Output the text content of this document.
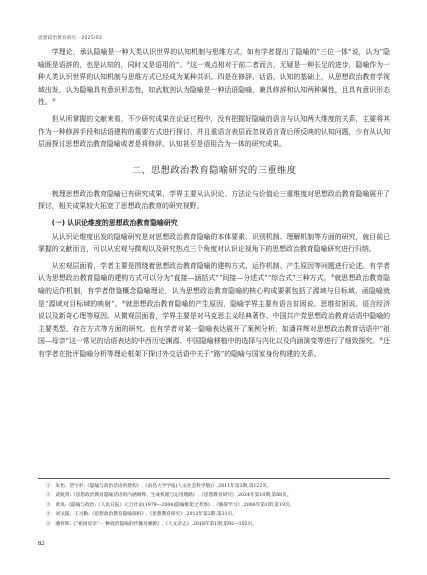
思想政治教育研究 · 2025/03

学理论，承认隐喻是一种人类认识世界的认知机制与思维方式，如有学者提出了隐喻的“三位一体”说，认为“隐喻既是语辞的，也是认知的，同时又是语用的”。①这一观点相对于前二者而言，无疑是一种长足的进步，隐喻作为一种人类认识世界的认知机制与思维方式已经成为某种共识。四是在修辞、话语、认知的基础上，从思想政治教育学视域出发，认为隐喻具有意识形态性，如武航剑认为隐喻是一种话语隐喻，兼具修辞和认知两种属性，且具有意识形态性。②

但从所掌握的文献来看，不少研究成果在论证过程中，没有把握好隐喻的语言与认知两大维度的关系，主要将其作为一种修辞手段和话语建构的重要方式进行探讨，并且重语言表层而忽视语言背后所反映的认知问题，少有从认知层面探讨思想政治教育隐喻或者是将修辞、认知甚至是语用合为一体的研究成果。

二、思想政治教育隐喻研究的三重维度

梳理思想政治教育隐喻已有研究成果，学界主要从认识论、方法论与价值论三重维度对思想政治教育隐喻展开了探讨，相关成果较大拓宽了思想政治教育的研究视野。

(一) 认识论维度的思想政治教育隐喻研究

从认识论维度出发的隐喻研究是对思想政治教育隐喻的本体要素、识别机制、理解机制等方面的研究，就目前已掌握的文献而言，可以从宏观与微观以及研究热点三个角度对认识论视角下的思想政治教育隐喻研究进行归纳。

从宏观层面看，学者主要是围绕着思想政治教育隐喻的建构方式、运作机制、产生原因等问题进行论述。有学者认为思想政治教育隐喻的建构方式可以分为“直接—涵括式”“间接—分述式”“综合式”三种方式。③就思想政治教育隐喻的运作机制，有学者借鉴概念隐喻理论，认为思想政治教育隐喻的核心构成要素包括了源域与目标域、函隐喻就是“源域对目标域的映射”。④就思想政治教育隐喻的产生原因，隐喻学界主要有语言贫困说、思维贫困说、语言经济说以及新奇心理等原因。从微观层面看，学界主要是对马克思主义经典著作、中国共产党思想政治教育话语中隐喻的主要类型、存在方式等方面的研究。也有学者对某一隐喻表达展开了案例分析，如潘祥辉对思想政治教育话语中“祖国—母亲”这一常见的话语表达的中西历史渊源、中国隐喻移植中的选择与内化以及内涵演变等进行了细致探究。⑤还有学者在批评隐喻分析等理论框架下探讨外交话语中关于“路”的隐喻与国家身份构建的关系。

①　朱怡、贺宇杉:《隐喻与政治话语的建构》,《南昌大学学报(人文社会科学版)》,2011年第3期,第122页。
②　武航剑:《思想政治教育隐喻话语的内涵阐释、生成机理与运用理路》,《思想教育研究》,2024年第10期,第68页。
③　黄岚:《隐喻与政治:《人民日报》元旦社论(1979—2004)隐喻框架之考察》,《修辞学习》,2006年第1期,第19页。
④　刘戈筱、王习勤:《思想政治教育隐喻探析》,《思想教育研究》,2012年第2期,第31页。
⑤　潘祥辉:《“祖国母亲”:一种政治隐喻的传播及溯源》,《人文杂志》,2018年第1期,第92—102页。
82
